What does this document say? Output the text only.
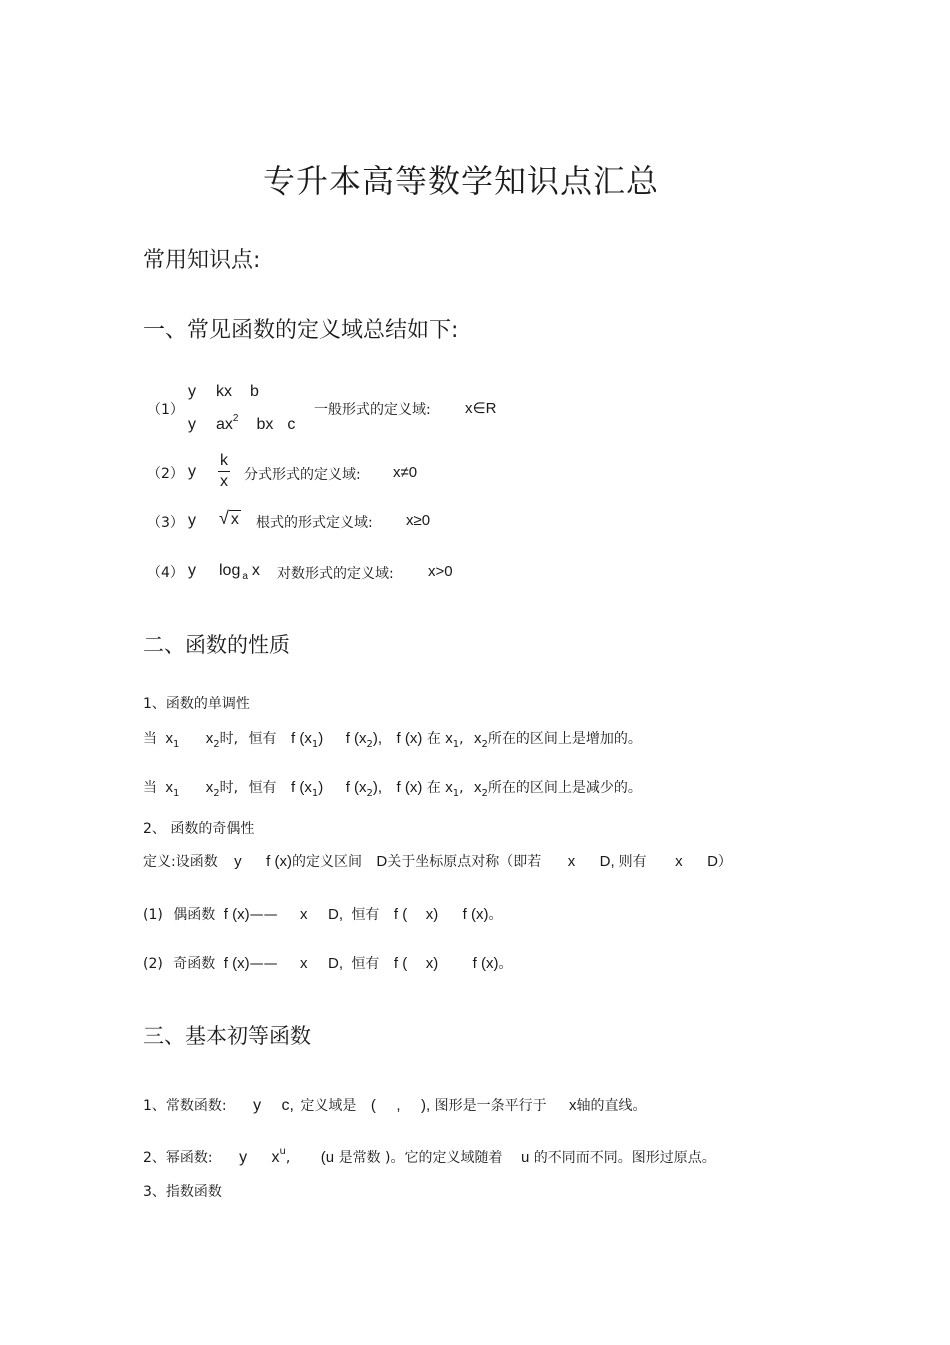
专升本高等数学知识点汇总
常用知识点:
一、常见函数的定义域总结如下:
（1）
y kx b
y $ax^2$ bx c
一般形式的定义域: x∈R
（2） y $\frac{k}{x}$ 分式形式的定义域: x≠0
（3） y √ x 根式的形式定义域: x≥0
（4） y log $_a$ x 对数形式的定义域: x>0
二、函数的性质
1、函数的单调性
当 $x_1$ $x_2$时, 恒有 f $(x_1)$ f $(x_2)$, f (x) 在 $x_1$, $x_2$所在的区间上是增加的。
当 $x_1$ $x_2$时, 恒有 f $(x_1)$ f $(x_2)$, f (x) 在 $x_1$, $x_2$所在的区间上是减少的。
2、 函数的奇偶性
定义:设函数 y f (x)的定义区间 D关于坐标原点对称（即若 x D, 则有 x D）
(1) 偶函数 f (x)—— x D, 恒有 f ( x) f (x)。
(2) 奇函数 f (x)—— x D, 恒有 f ( x) f (x)。
三、基本初等函数
1、常数函数: y c, 定义域是 ( , ), 图形是一条平行于 x轴的直线。
2、幂函数: y $x^u$, (u 是常数 )。它的定义域随着 u 的不同而不同。图形过原点。
3、指数函数
